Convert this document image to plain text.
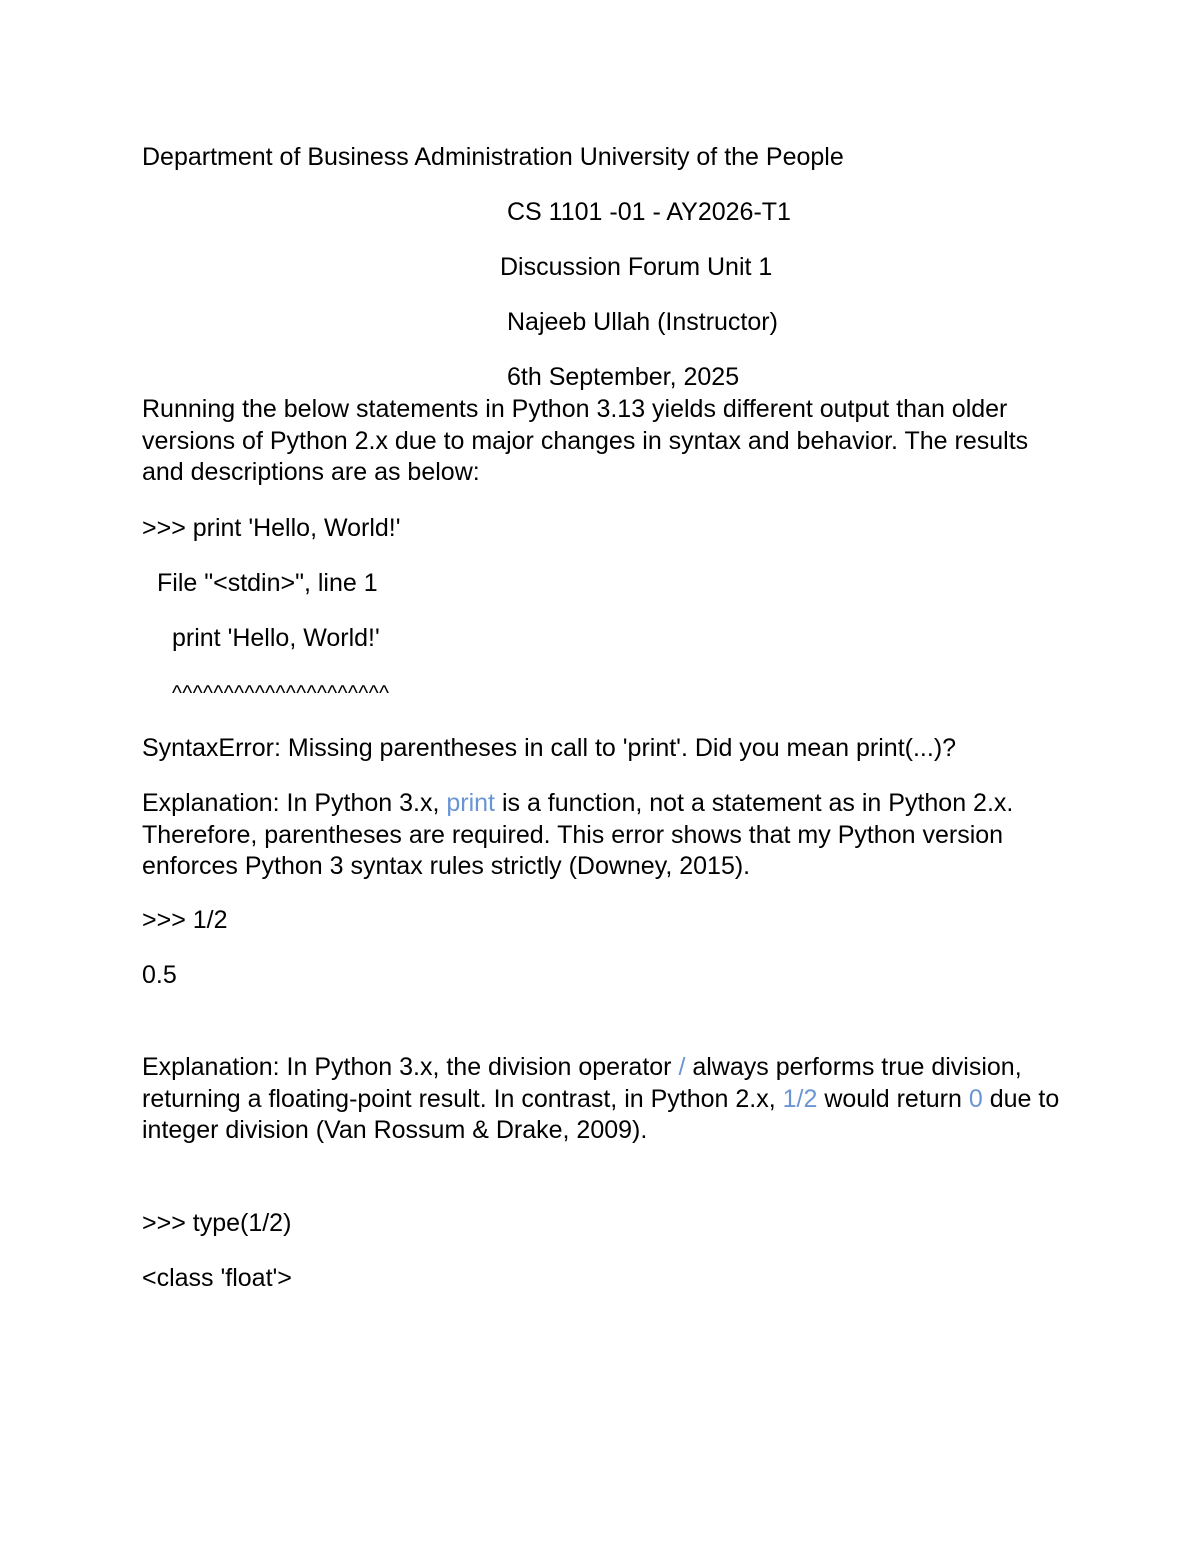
Department of Business Administration University of the People
CS 1101 -01 - AY2026-T1
Discussion Forum Unit 1
Najeeb Ullah (Instructor)
6th September, 2025
Running the below statements in Python 3.13 yields different output than older versions of Python 2.x due to major changes in syntax and behavior. The results and descriptions are as below:
>>> print 'Hello, World!'
File "<stdin>", line 1
print 'Hello, World!'
^^^^^^^^^^^^^^^^^^^^^
SyntaxError: Missing parentheses in call to 'print'. Did you mean print(...)?
Explanation: In Python 3.x, print is a function, not a statement as in Python 2.x. Therefore, parentheses are required. This error shows that my Python version enforces Python 3 syntax rules strictly (Downey, 2015).
>>> 1/2
0.5
Explanation: In Python 3.x, the division operator / always performs true division, returning a floating-point result. In contrast, in Python 2.x, 1/2 would return 0 due to integer division (Van Rossum & Drake, 2009).
>>> type(1/2)
<class 'float'>
